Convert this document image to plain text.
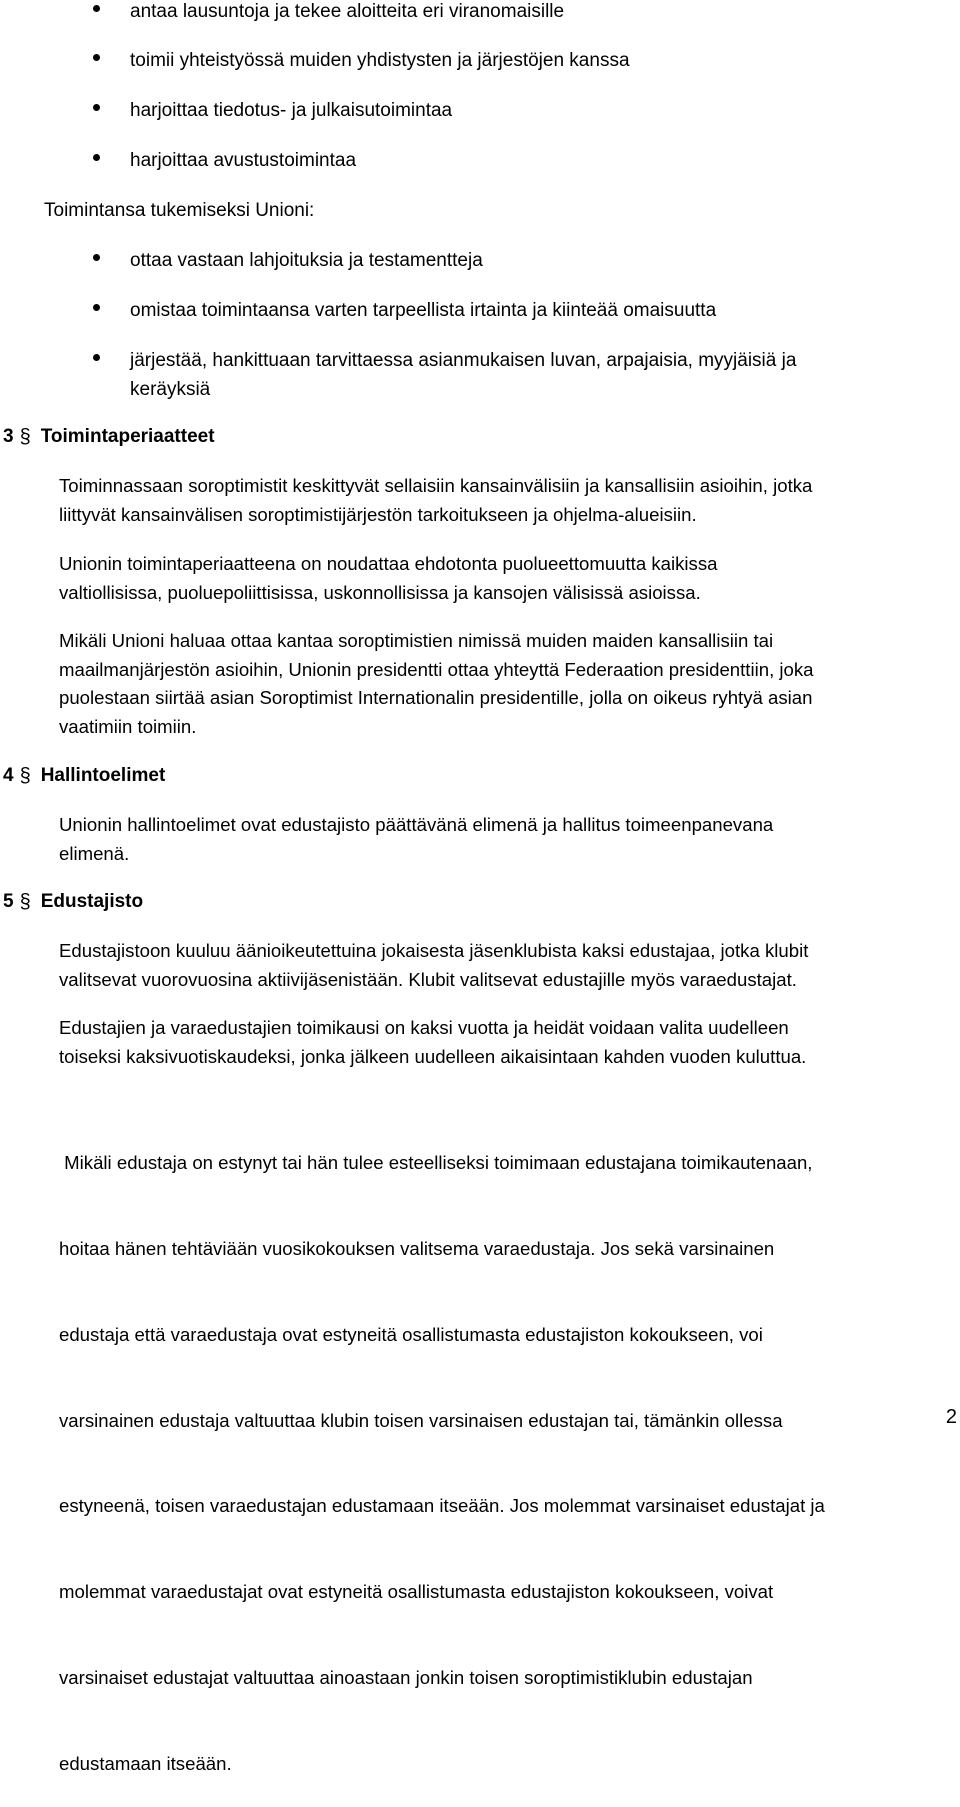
antaa lausuntoja ja tekee aloitteita eri viranomaisille
toimii yhteistyössä muiden yhdistysten ja järjestöjen kanssa
harjoittaa tiedotus- ja julkaisutoimintaa
harjoittaa avustustoimintaa
Toimintansa tukemiseksi Unioni:
ottaa vastaan lahjoituksia ja testamentteja
omistaa toimintaansa varten tarpeellista irtainta ja kiinteää omaisuutta
järjestää, hankittuaan tarvittaessa asianmukaisen luvan, arpajaisia, myyjäisiä ja
keräyksiä
3 § Toimintaperiaatteet
Toiminnassaan soroptimistit keskittyvät sellaisiin kansainvälisiin ja kansallisiin asioihin, jotka
liittyvät kansainvälisen soroptimistijärjestön tarkoitukseen ja ohjelma-alueisiin.
Unionin toimintaperiaatteena on noudattaa ehdotonta puolueettomuutta kaikissa
valtiollisissa, puoluepoliittisissa, uskonnollisissa ja kansojen välisissä asioissa.
Mikäli Unioni haluaa ottaa kantaa soroptimistien nimissä muiden maiden kansallisiin tai
maailmanjärjestön asioihin, Unionin presidentti ottaa yhteyttä Federaation presidenttiin, joka
puolestaan siirtää asian Soroptimist Internationalin presidentille, jolla on oikeus ryhtyä asian
vaatimiin toimiin.
4 § Hallintoelimet
Unionin hallintoelimet ovat edustajisto päättävänä elimenä ja hallitus toimeenpanevana
elimenä.
5 § Edustajisto
Edustajistoon kuuluu äänioikeutettuina jokaisesta jäsenklubista kaksi edustajaa, jotka klubit
valitsevat vuorovuosina aktiivijäsenistään. Klubit valitsevat edustajille myös varaedustajat.
Edustajien ja varaedustajien toimikausi on kaksi vuotta ja heidät voidaan valita uudelleen
toiseksi kaksivuotiskaudeksi, jonka jälkeen uudelleen aikaisintaan kahden vuoden kuluttua.

Mikäli edustaja on estynyt tai hän tulee esteelliseksi toimimaan edustajana toimikautenaan,

hoitaa hänen tehtäviään vuosikokouksen valitsema varaedustaja. Jos sekä varsinainen

edustaja että varaedustaja ovat estyneitä osallistumasta edustajiston kokoukseen, voi

varsinainen edustaja valtuuttaa klubin toisen varsinaisen edustajan tai, tämänkin ollessa

estyneenä, toisen varaedustajan edustamaan itseään. Jos molemmat varsinaiset edustajat ja

molemmat varaedustajat ovat estyneitä osallistumasta edustajiston kokoukseen, voivat

varsinaiset edustajat valtuuttaa ainoastaan jonkin toisen soroptimistiklubin edustajan

edustamaan itseään.

2
